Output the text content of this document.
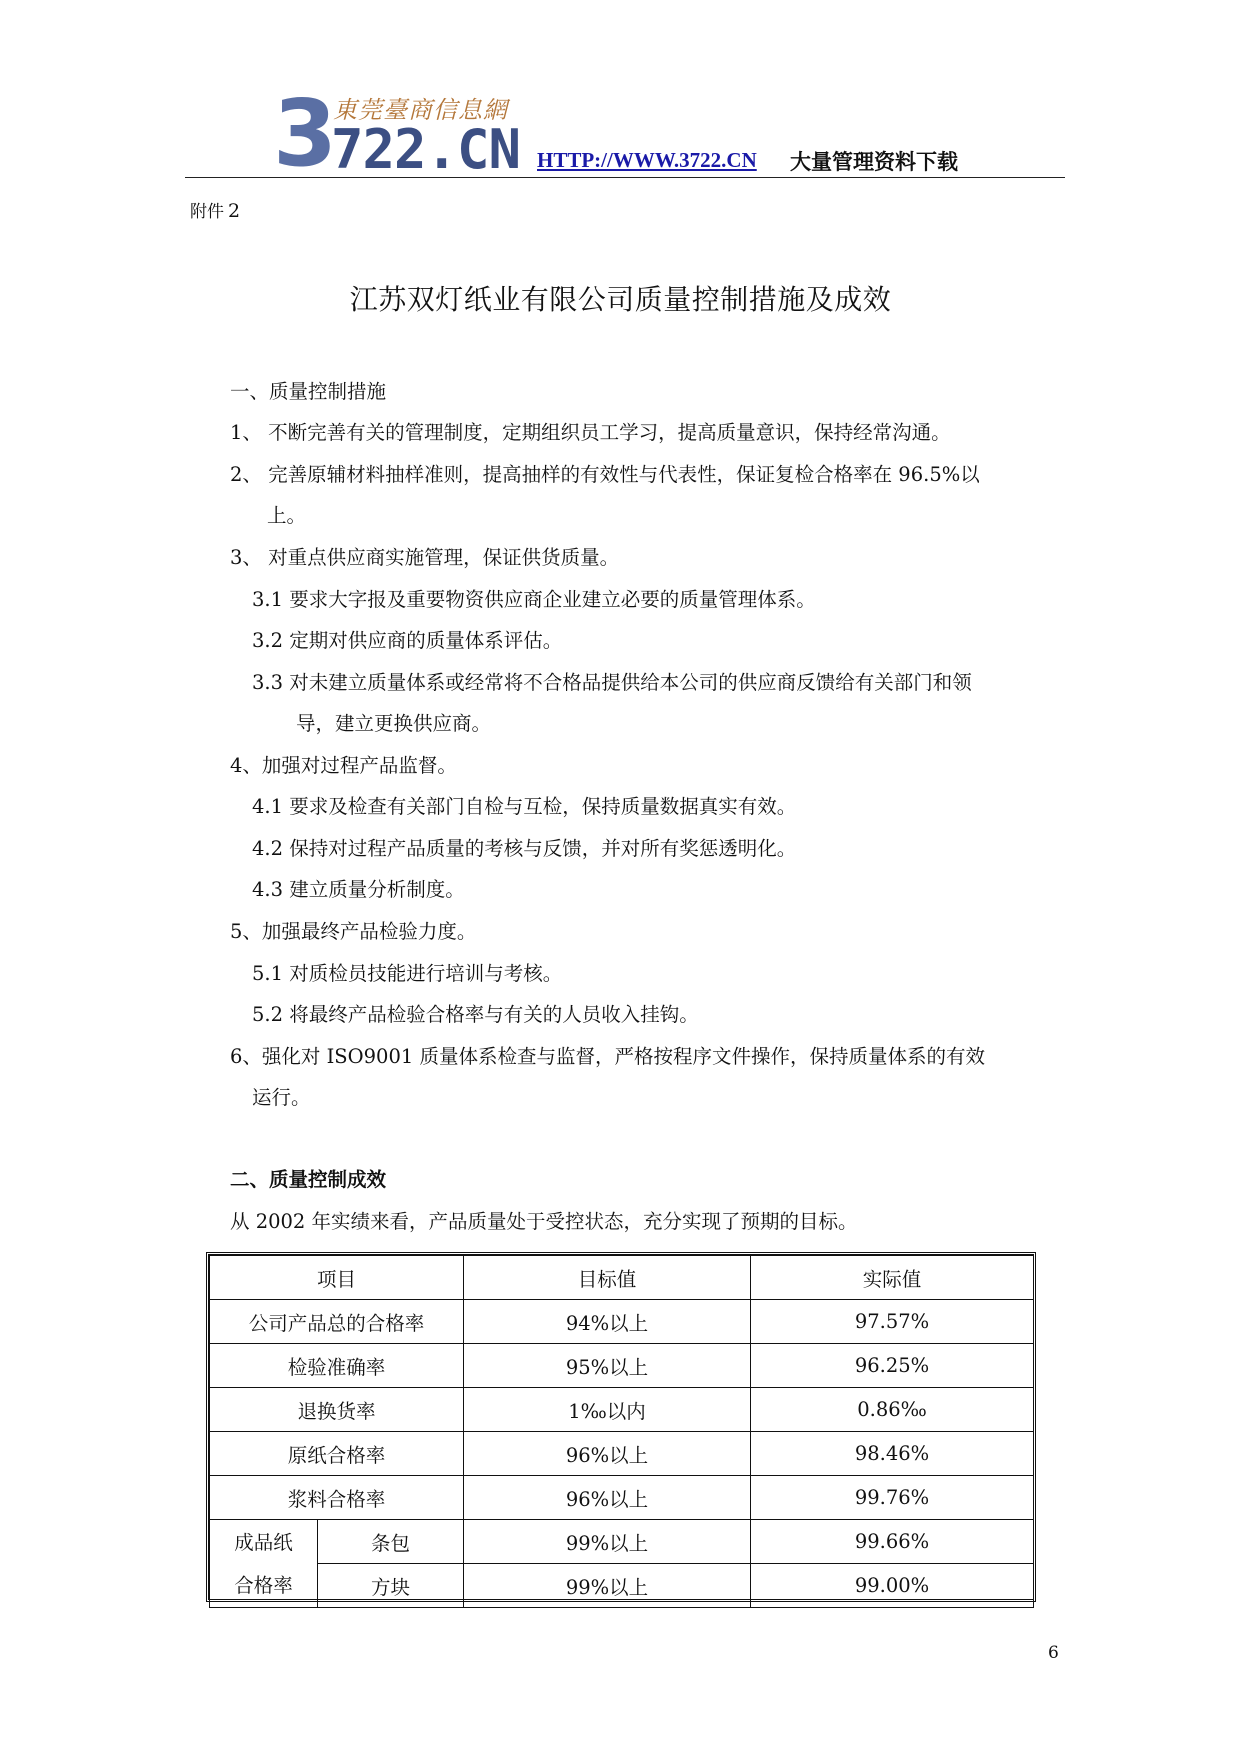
3
東莞臺商信息網
722.CN HTTP://WWW.3722.CN 大量管理资料下载
附件 2
江苏双灯纸业有限公司质量控制措施及成效
一、质量控制措施
1、 不断完善有关的管理制度，定期组织员工学习，提高质量意识，保持经常沟通。
2、 完善原辅材料抽样准则，提高抽样的有效性与代表性，保证复检合格率在 96.5%以
上。
3、 对重点供应商实施管理，保证供货质量。
3.1 要求大字报及重要物资供应商企业建立必要的质量管理体系。
3.2 定期对供应商的质量体系评估。
3.3 对未建立质量体系或经常将不合格品提供给本公司的供应商反馈给有关部门和领
导，建立更换供应商。
4、加强对过程产品监督。
4.1 要求及检查有关部门自检与互检，保持质量数据真实有效。
4.2 保持对过程产品质量的考核与反馈，并对所有奖惩透明化。
4.3 建立质量分析制度。
5、加强最终产品检验力度。
5.1 对质检员技能进行培训与考核。
5.2 将最终产品检验合格率与有关的人员收入挂钩。
6、强化对 ISO9001 质量体系检查与监督，严格按程序文件操作，保持质量体系的有效
运行。
二、质量控制成效
从 2002 年实绩来看，产品质量处于受控状态，充分实现了预期的目标。
项目		目标值	实际值
公司产品总的合格率		94%以上	97.57%
检验准确率		95%以上	96.25%
退换货率		1‰以内	0.86‰
原纸合格率		96%以上	98.46%
浆料合格率		96%以上	99.76%

成品纸
合格率	条包	99%以上	99.66%
	方块	99%以上	99.00%
6
